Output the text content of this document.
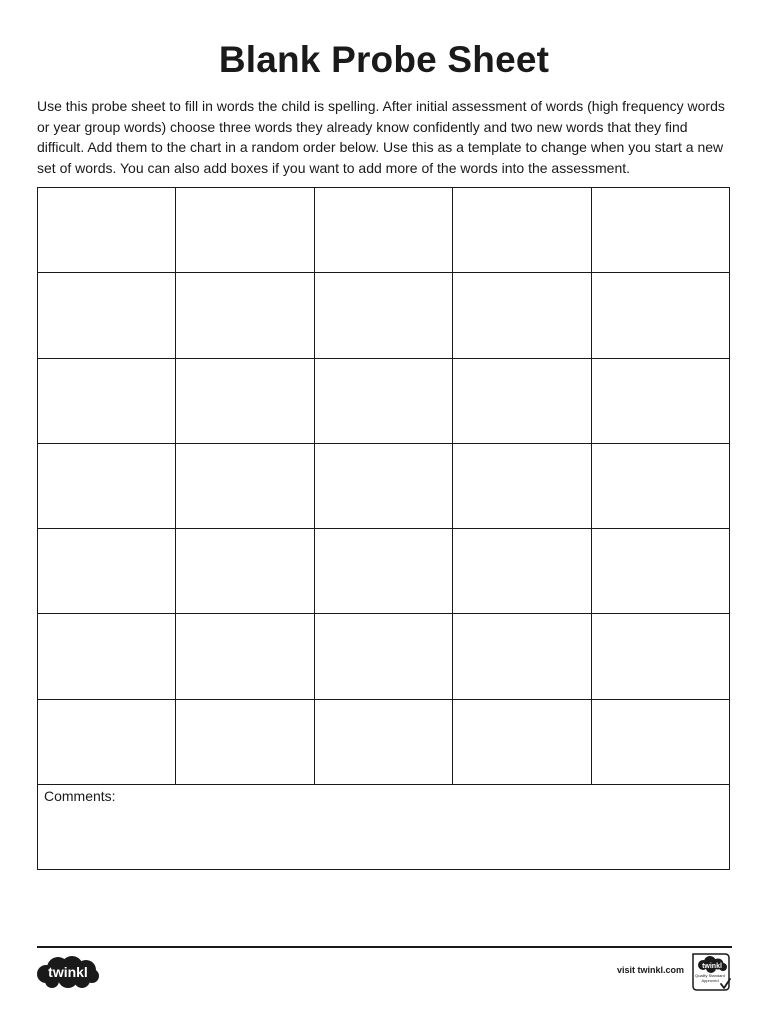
Blank Probe Sheet

Use this probe sheet to fill in words the child is spelling. After initial assessment of words (high frequency words or year group words) choose three words they already know confidently and two new words that they find difficult. Add them to the chart in a random order below. Use this as a template to change when you start a new set of words. You can also add boxes if you want to add more of the words into the assessment.

Comments:
twinkl	visit twinkl.com	twinkl
Quality Standard Approved
